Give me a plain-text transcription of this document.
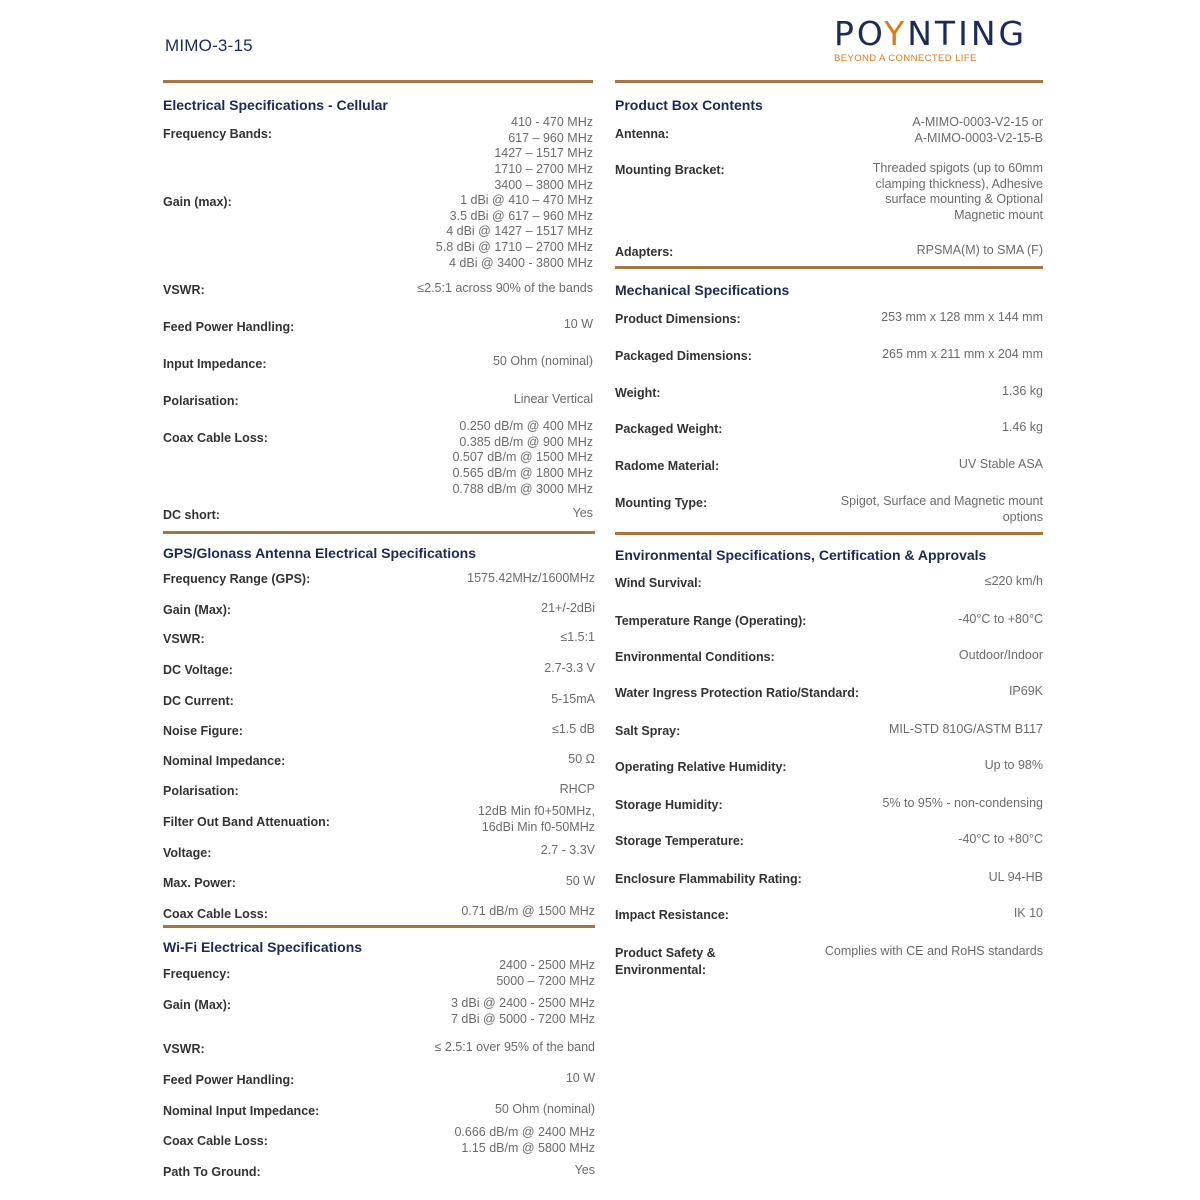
MIMO-3-15	POYNTING
BEYOND A CONNECTED LIFE
Electrical Specifications - Cellular
Frequency Bands:
410 - 470 MHz
617 – 960 MHz
1427 – 1517 MHz
1710 – 2700 MHz
3400 – 3800 MHz
Gain (max):	1 dBi @ 410 – 470 MHz
3.5 dBi @ 617 – 960 MHz
4 dBi @ 1427 – 1517 MHz
5.8 dBi @ 1710 – 2700 MHz
4 dBi @ 3400 - 3800 MHz
VSWR:	≤2.5:1 across 90% of the bands
Feed Power Handling:	10 W
Input Impedance:	50 Ohm (nominal)
Polarisation:	Linear Vertical
Coax Cable Loss:
0.250 dB/m @ 400 MHz
0.385 dB/m @ 900 MHz
0.507 dB/m @ 1500 MHz
0.565 dB/m @ 1800 MHz
0.788 dB/m @ 3000 MHz
DC short:	Yes
GPS/Glonass Antenna Electrical Specifications
Frequency Range (GPS):	1575.42MHz/1600MHz
Gain (Max):	21+/-2dBi
VSWR:	≤1.5:1
DC Voltage:	2.7-3.3 V
DC Current:	5-15mA
Noise Figure:	≤1.5 dB
Nominal Impedance:	50 Ω
Polarisation:	RHCP
Filter Out Band Attenuation:
12dB Min f0+50MHz,
16dBi Min f0-50MHz
Voltage:	2.7 - 3.3V
Max. Power:	50 W
Coax Cable Loss:	0.71 dB/m @ 1500 MHz
Wi-Fi Electrical Specifications
Frequency:
2400 - 2500 MHz
5000 – 7200 MHz
Gain (Max):	3 dBi @ 2400 - 2500 MHz
7 dBi @ 5000 - 7200 MHz
VSWR:	≤ 2.5:1 over 95% of the band
Feed Power Handling:	10 W
Nominal Input Impedance:	50 Ohm (nominal)
Coax Cable Loss:
0.666 dB/m @ 2400 MHz
1.15 dB/m @ 5800 MHz
Path To Ground:	Yes
Product Box Contents
Antenna:
A-MIMO-0003-V2-15 or
A-MIMO-0003-V2-15-B
Mounting Bracket:	Threaded spigots (up to 60mm
clamping thickness), Adhesive
surface mounting & Optional
Magnetic mount
Adapters:	RPSMA(M) to SMA (F)
Mechanical Specifications
Product Dimensions:	253 mm x 128 mm x 144 mm
Packaged Dimensions:	265 mm x 211 mm x 204 mm
Weight:	1.36 kg
Packaged Weight:	1.46 kg
Radome Material:	UV Stable ASA
Mounting Type:	Spigot, Surface and Magnetic mount
options
Environmental Specifications, Certification & Approvals
Wind Survival:	≤220 km/h
Temperature Range (Operating):	-40°C to +80°C
Environmental Conditions:	Outdoor/Indoor
Water Ingress Protection Ratio/Standard:	IP69K
Salt Spray:	MIL-STD 810G/ASTM B117
Operating Relative Humidity:	Up to 98%
Storage Humidity:	5% to 95% - non-condensing
Storage Temperature:	-40°C to +80°C
Enclosure Flammability Rating:	UL 94-HB
Impact Resistance:	IK 10
Product Safety & Environmental:
Complies with CE and RoHS standards
